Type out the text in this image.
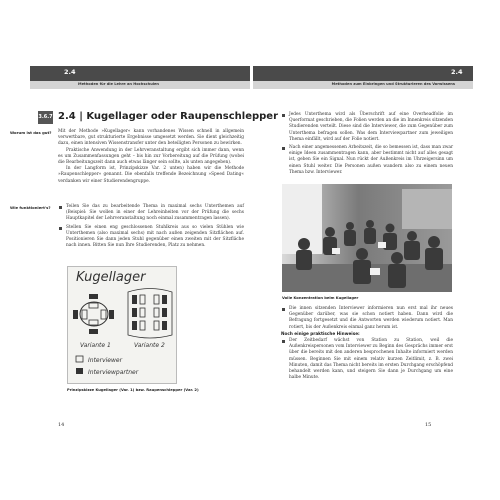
2.4
Methoden für die Lehre an Hochschulen
3.6.7 2.4 | Kugellager oder Raupenschlepper
Worum ist das gut? Mit der Methode »Kugellager« kann vorhandenes Wissen schnell in allgemein verwertbare, gut strukturierte Ergebnisse umgesetzt werden. Sie dient gleichzeitig dazu, einen intensiven Wissenstransfer unter den beteiligten Personen zu bewirken.

Praktische Anwendung in der Lehrveranstaltung ergibt sich immer dann, wenn es um Zusammenfassungen geht – bis hin zur Vorbereitung auf die Prüfung (wobei die Bearbeitungszeit dann auch etwas länger sein sollte, als unten angegeben).

In der Langform ist, Prinzipskizze Var. 2 unten) haben wir die Methode »Raupenschlepper« genannt. Die ebenfalls treffende Bezeichnung »Speed Dating« verdanken wir einer Studierendengruppe.

Wie funktioniert's?	Teilen Sie das zu bearbeitende Thema in maximal sechs Unterthemen auf (Beispiel: Sie wollen in einer der Lehreinheiten vor der Prüfung die sechs Hauptkapitel der Lehrveranstaltung noch einmal zusammentragen lassen).
Stellen Sie einen eng geschlossenen Stuhlkreis aus so vielen Stühlen wie Unterthemen (also maximal sechs) mit nach außen zeigenden Sitzflächen auf. Positionieren Sie dann jeden Stuhl gegenüber einen zweiten mit der Sitzfläche nach innen. Bitten Sie nun Ihre Studierenden, Platz zu nehmen.
Kugellager
Variante 1	Variante 2
Interviewer
Interviewpartner
Prinzipskizze Kugellager (Var. 1) bzw. Raupenschlepper (Var. 2)
14
2.4
Methoden zum Einbringen und Strukturieren des Vorwissens
Jedes Unterthema wird als Überschrift auf eine Overheadfolie im Querformat geschrieben, die Folien werden an die im Innenkreis sitzenden Studierenden verteilt. Diese sind die Interviewer, die zum Gegenüber zum Unterthema befragen sollen. Was dem Interviewpartner zum jeweiligen Thema einfällt, wird auf der Folie notiert.
Nach einer angemessenen Arbeitszeit, die so bemessen ist, dass man zwar einige Ideen zusammentragen kann, aber bestimmt nicht auf alles gesagt ist, geben Sie ein Signal. Nun rückt der Außenkreis im Uhrzeigersinn um einen Stuhl weiter. Die Personen außen wandern also zu einem neuen Thema bzw. Interviewer.
Volle Konzentration beim Kugellager
Die innen sitzenden Interviewer informieren nun erst mal ihr neues Gegenüber darüber, was sie schon notiert haben. Dann wird die Befragung fortgesetzt und die Antworten werden wiederum notiert. Man rotiert, bis der Außenkreis einmal ganz herum ist.
Noch einige praktische Hinweise:
Der Zeitbedarf wächst von Station zu Station, weil die Außenkreispersonen vom Interviewer zu Beginn des Gesprächs immer erst über die bereits mit den anderen besprochenen Inhalte informiert werden müssen. Beginnen Sie mit einem relativ kurzen Zeitlimit, z. B. zwei Minuten, damit das Thema nicht bereits im ersten Durchgang erschöpfend behandelt werden kann, und steigern Sie dann je Durchgang um eine halbe Minute.
15
